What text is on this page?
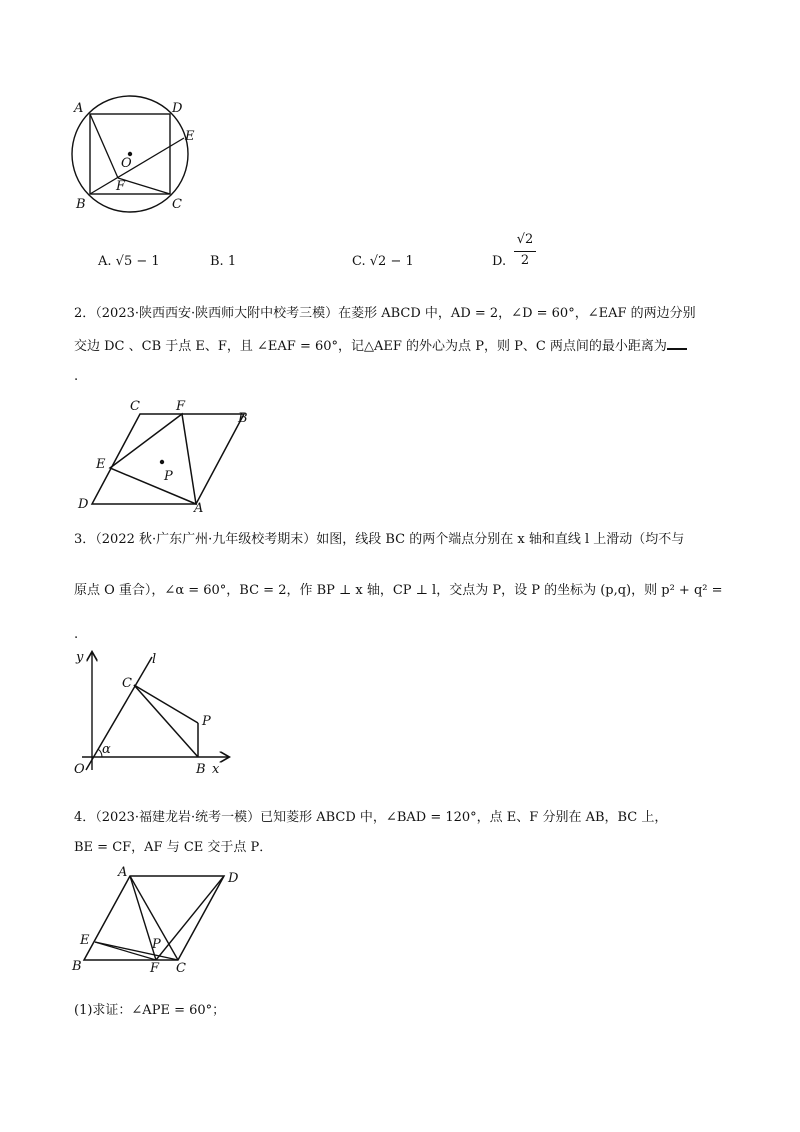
A	D
E
O
F
B	C
A. √5 − 1	B. 1	C. √2 − 1	D.
√2
2
2．（2023·陕西西安·陕西师大附中校考三模）在菱形 ABCD 中，AD = 2，∠D = 60°，∠EAF 的两边分别
交边 DC 、CB 于点 E、F，且 ∠EAF = 60°，记△AEF 的外心为点 P，则 P、C 两点间的最小距离为
.
C	F
B
E
P
D	A
3．（2022 秋·广东广州·九年级校考期末）如图，线段 BC 的两个端点分别在 x 轴和直线 l 上滑动（均不与
原点 O 重合），∠α = 60°，BC = 2，作 BP ⊥ x 轴，CP ⊥ l，交点为 P，设 P 的坐标为 (p,q)，则 p² + q² =
.
y	l
C
P
α
O	B x
4．（2023·福建龙岩·统考一模）已知菱形 ABCD 中，∠BAD = 120°，点 E、F 分别在 AB，BC 上，
BE = CF，AF 与 CE 交于点 P．
A	D
E	P
B	F C
(1)求证：∠APE = 60°；
